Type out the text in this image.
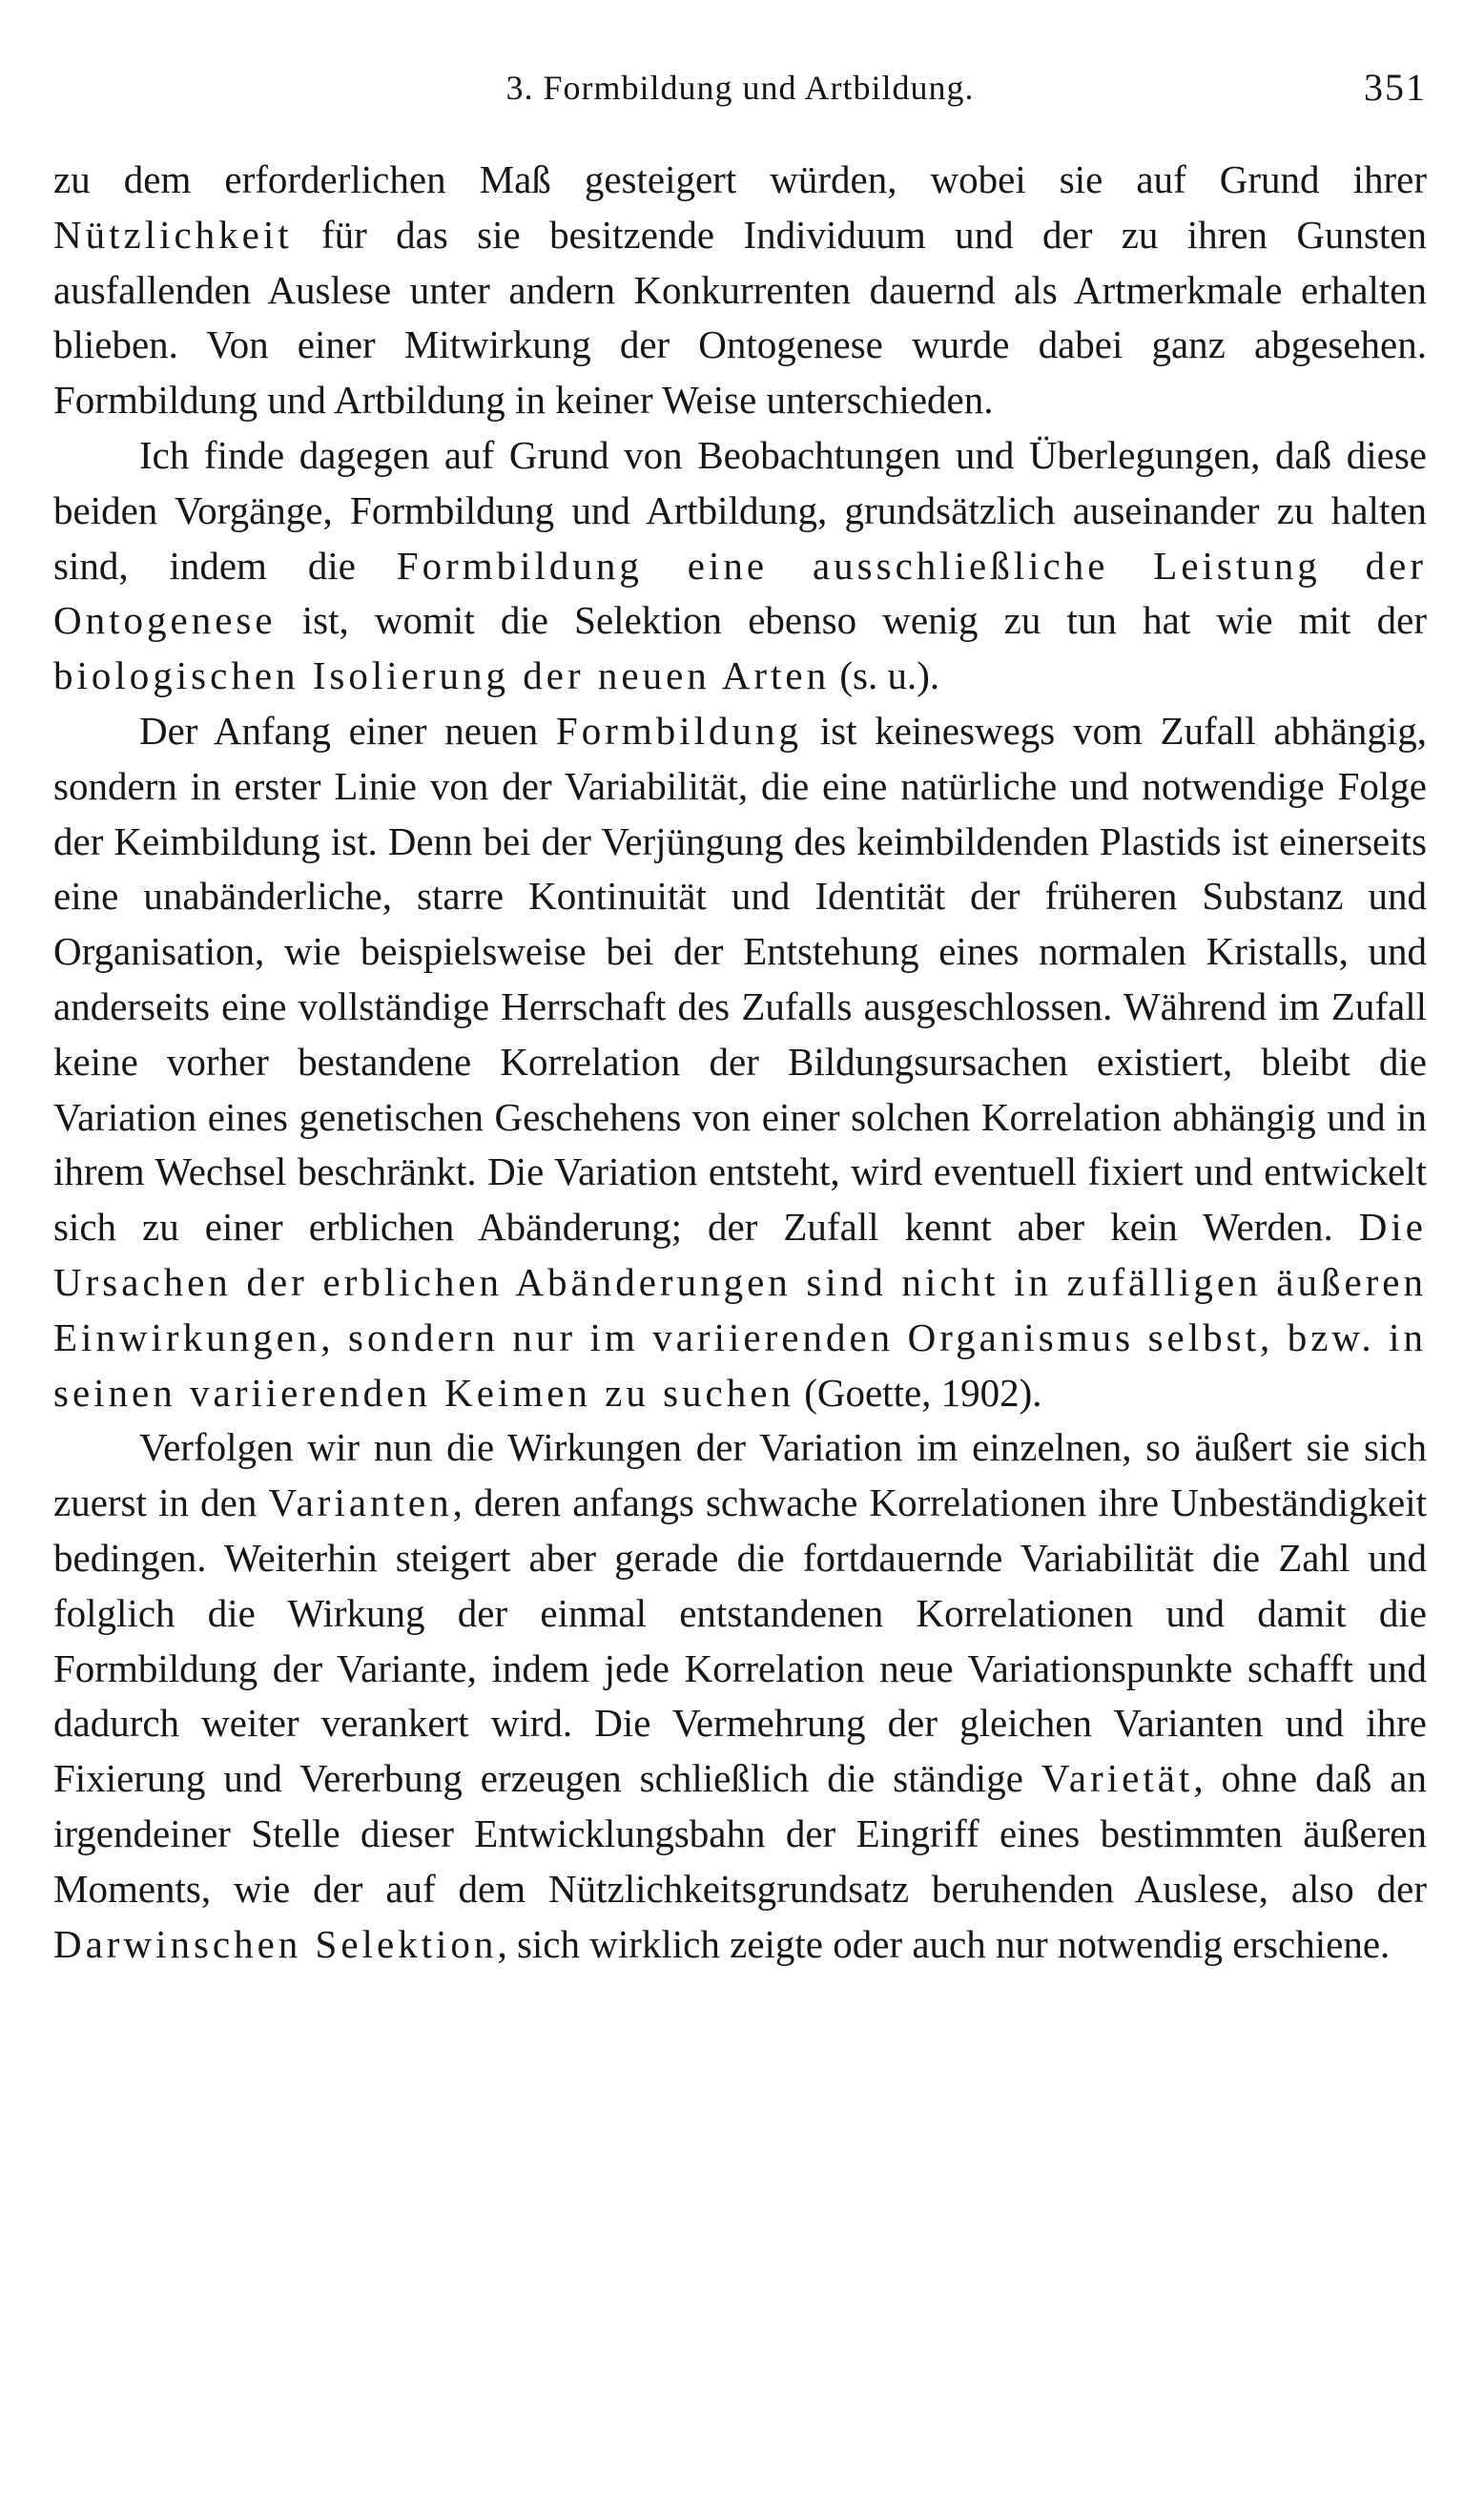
3. Formbildung und Artbildung.	351

zu dem erforderlichen Maß gesteigert würden, wobei sie auf Grund ihrer Nützlichkeit für das sie besitzende Individuum und der zu ihren Gunsten ausfallenden Auslese unter andern Konkurrenten dauernd als Artmerkmale erhalten blieben. Von einer Mitwirkung der Ontogenese wurde dabei ganz abgesehen. Formbildung und Artbildung in keiner Weise unterschieden.

Ich finde dagegen auf Grund von Beobachtungen und Überlegungen, daß diese beiden Vorgänge, Formbildung und Artbildung, grundsätzlich auseinander zu halten sind, indem die Formbildung eine ausschließliche Leistung der Ontogenese ist, womit die Selektion ebenso wenig zu tun hat wie mit der biologischen Isolierung der neuen Arten (s. u.).

Der Anfang einer neuen Formbildung ist keineswegs vom Zufall abhängig, sondern in erster Linie von der Variabilität, die eine natürliche und notwendige Folge der Keimbildung ist. Denn bei der Verjüngung des keimbildenden Plastids ist einerseits eine unabänderliche, starre Kontinuität und Identität der früheren Substanz und Organisation, wie beispielsweise bei der Entstehung eines normalen Kristalls, und anderseits eine vollständige Herrschaft des Zufalls ausgeschlossen. Während im Zufall keine vorher bestandene Korrelation der Bildungsursachen existiert, bleibt die Variation eines genetischen Geschehens von einer solchen Korrelation abhängig und in ihrem Wechsel beschränkt. Die Variation entsteht, wird eventuell fixiert und entwickelt sich zu einer erblichen Abänderung; der Zufall kennt aber kein Werden. Die Ursachen der erblichen Abänderungen sind nicht in zufälligen äußeren Einwirkungen, sondern nur im variierenden Organismus selbst, bzw. in seinen variierenden Keimen zu suchen (Goette, 1902).

Verfolgen wir nun die Wirkungen der Variation im einzelnen, so äußert sie sich zuerst in den Varianten, deren anfangs schwache Korrelationen ihre Unbeständigkeit bedingen. Weiterhin steigert aber gerade die fortdauernde Variabilität die Zahl und folglich die Wirkung der einmal entstandenen Korrelationen und damit die Formbildung der Variante, indem jede Korrelation neue Variationspunkte schafft und dadurch weiter verankert wird. Die Vermehrung der gleichen Varianten und ihre Fixierung und Vererbung erzeugen schließlich die ständige Varietät, ohne daß an irgendeiner Stelle dieser Entwicklungsbahn der Eingriff eines bestimmten äußeren Moments, wie der auf dem Nützlichkeitsgrundsatz beruhenden Auslese, also der Darwinschen Selektion, sich wirklich zeigte oder auch nur notwendig erschiene.
